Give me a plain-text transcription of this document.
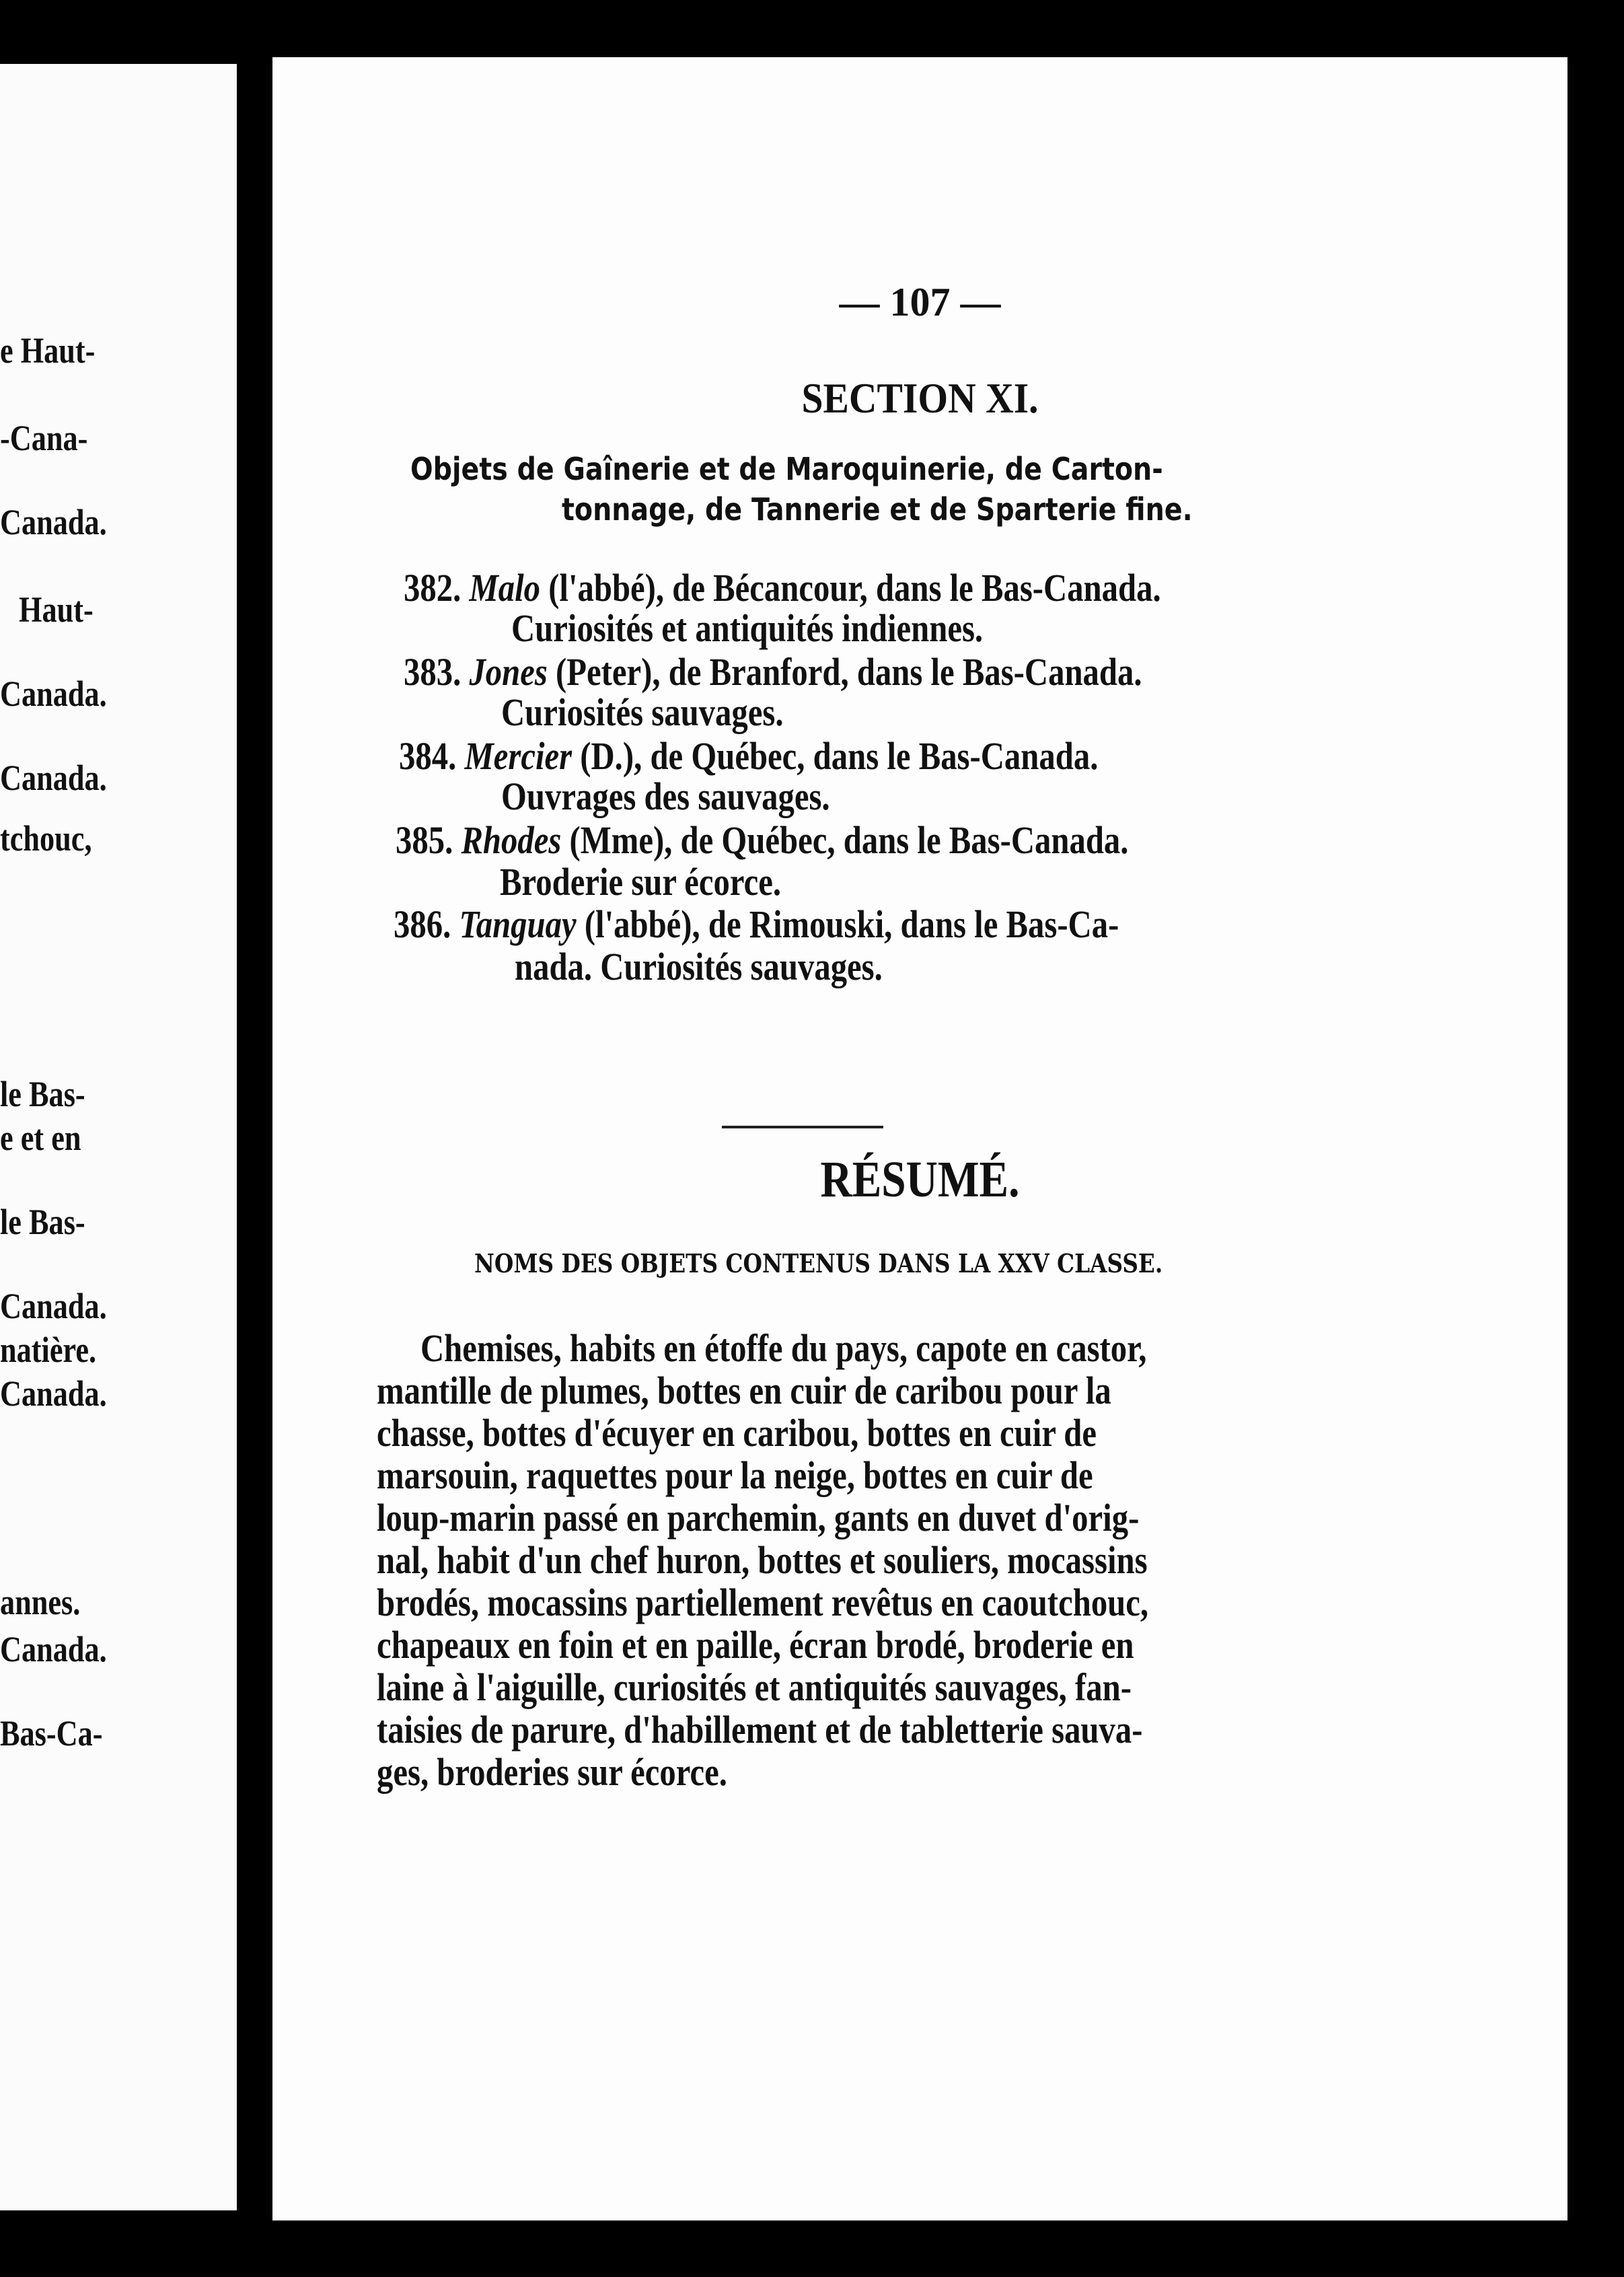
e Haut-
-Cana-
Canada.
Haut-
Canada.
Canada.
tchouc,
le Bas-
e et en
le Bas-
Canada.
natière.
Canada.
annes.
Canada.
Bas-Ca-
— 107 —
SECTION XI.
Objets de Gaînerie et de Maroquinerie, de Carton-
tonnage, de Tannerie et de Sparterie fine.
382. Malo (l'abbé), de Bécancour, dans le Bas-Canada.
Curiosités et antiquités indiennes.
383. Jones (Peter), de Branford, dans le Bas-Canada.
Curiosités sauvages.
384. Mercier (D.), de Québec, dans le Bas-Canada.
Ouvrages des sauvages.
385. Rhodes (Mme), de Québec, dans le Bas-Canada.
Broderie sur écorce.
386. Tanguay (l'abbé), de Rimouski, dans le Bas-Ca-
nada. Curiosités sauvages.
RÉSUMÉ.
NOMS DES OBJETS CONTENUS DANS LA XXV CLASSE.
Chemises, habits en étoffe du pays, capote en castor,
mantille de plumes, bottes en cuir de caribou pour la
chasse, bottes d'écuyer en caribou, bottes en cuir de
marsouin, raquettes pour la neige, bottes en cuir de
loup-marin passé en parchemin, gants en duvet d'orig-
nal, habit d'un chef huron, bottes et souliers, mocassins
brodés, mocassins partiellement revêtus en caoutchouc,
chapeaux en foin et en paille, écran brodé, broderie en
laine à l'aiguille, curiosités et antiquités sauvages, fan-
taisies de parure, d'habillement et de tabletterie sauva-
ges, broderies sur écorce.
